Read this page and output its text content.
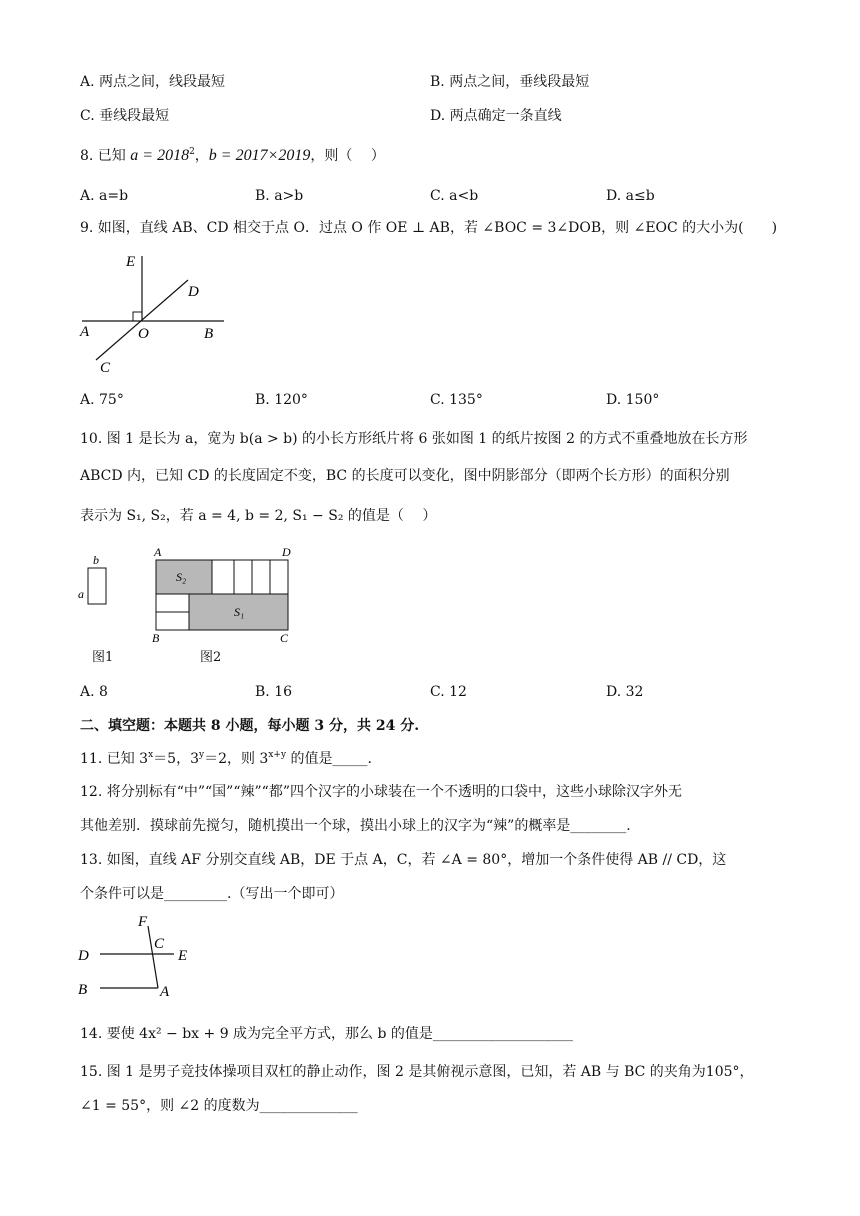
A. 两点之间，线段最短	B. 两点之间，垂线段最短
C. 垂线段最短	D. 两点确定一条直线
8. 已知 $a = 2018^2$，b = 2017×2019，则（　 ）
A. a=b	B. a>b	C. a<b	D. a≤b
9. 如图，直线 AB、CD 相交于点 O．过点 O 作 OE ⊥ AB，若 ∠BOC = 3∠DOB，则 ∠EOC 的大小为(　　)
E
D
A	O	B
C
A. 75°	B. 120°	C. 135°	D. 150°
10. 图 1 是长为 a，宽为 b(a > b) 的小长方形纸片将 6 张如图 1 的纸片按图 2 的方式不重叠地放在长方形
ABCD 内，已知 CD 的长度固定不变，BC 的长度可以变化，图中阴影部分（即两个长方形）的面积分别
表示为 S₁, S₂，若 a = 4, b = 2, S₁ − S₂ 的值是（　 ）
b
a
A	D
B	C
S₂
S₁
图1	图2
A. 8	B. 16	C. 12	D. 32
二、填空题：本题共 8 小题，每小题 3 分，共 24 分.
11. 已知 $3^x=5$，$3^y=2$，则 $3^{x+y}$ 的值是_____.
12. 将分别标有“中”“国”“辣”“都”四个汉字的小球装在一个不透明的口袋中，这些小球除汉字外无
其他差别．摸球前先搅匀，随机摸出一个球，摸出小球上的汉字为“辣”的概率是________.
13. 如图，直线 AF 分别交直线 AB，DE 于点 A，C，若 ∠A = 80°，增加一个条件使得 AB // CD，这
个条件可以是_________.（写出一个即可）
F
C
D	E
B	A
14. 要使 4x² − bx + 9 成为完全平方式，那么 b 的值是____________________
15. 图 1 是男子竞技体操项目双杠的静止动作，图 2 是其俯视示意图，已知，若 AB 与 BC 的夹角为105°，
∠1 = 55°，则 ∠2 的度数为______________
